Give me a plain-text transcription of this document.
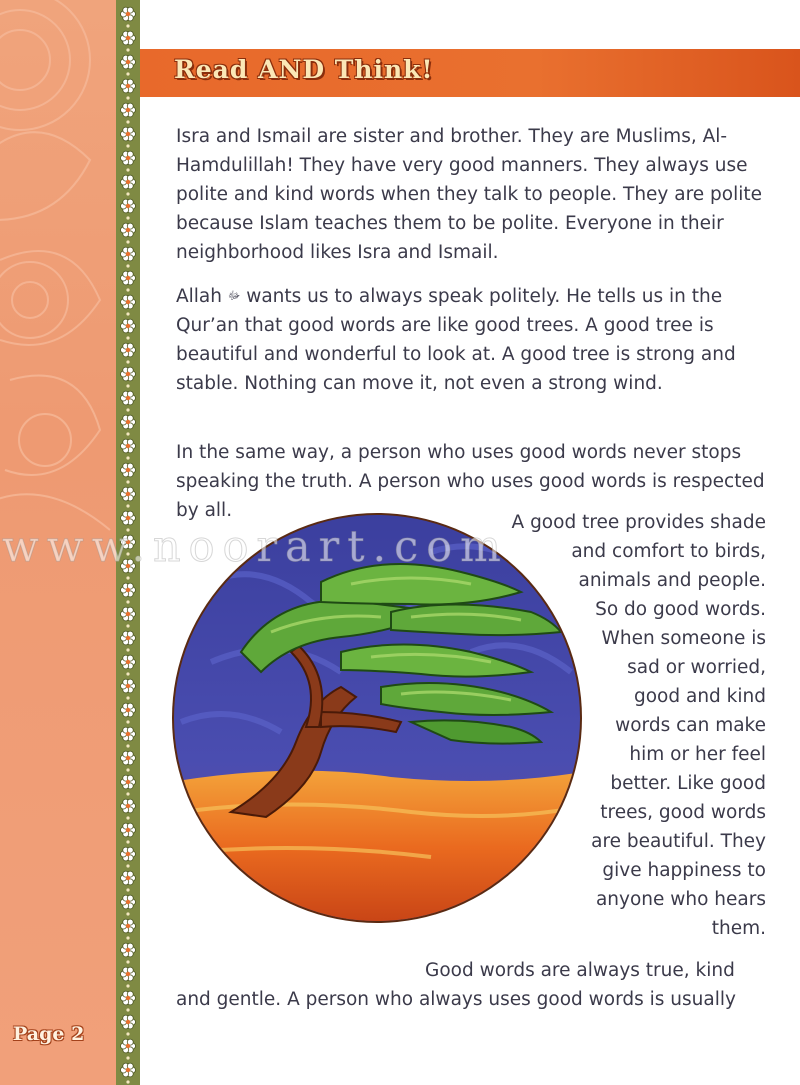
Read AND Think!

Isra and Ismail are sister and brother. They are Muslims, Al-Hamdulillah! They have very good manners. They always use polite and kind words when they talk to people. They are polite because Islam teaches them to be polite. Everyone in their neighborhood likes Isra and Ismail.

Allah ﷻ wants us to always speak politely. He tells us in the Qur’an that good words are like good trees. A good tree is beautiful and wonderful to look at. A good tree is strong and stable. Nothing can move it, not even a strong wind.

In the same way, a person who uses good words never stops speaking the truth. A person who uses good words is respected by all.

A good tree provides shade
and comfort to birds,
animals and people.
So do good words.
When someone is
sad or worried,
good and kind
words can make
him or her feel
better. Like good
trees, good words
are beautiful. They
give happiness to
anyone who hears
them.
www.noorart.com
Good words are always true, kind
and gentle. A person who always uses good words is usually
Page 2
